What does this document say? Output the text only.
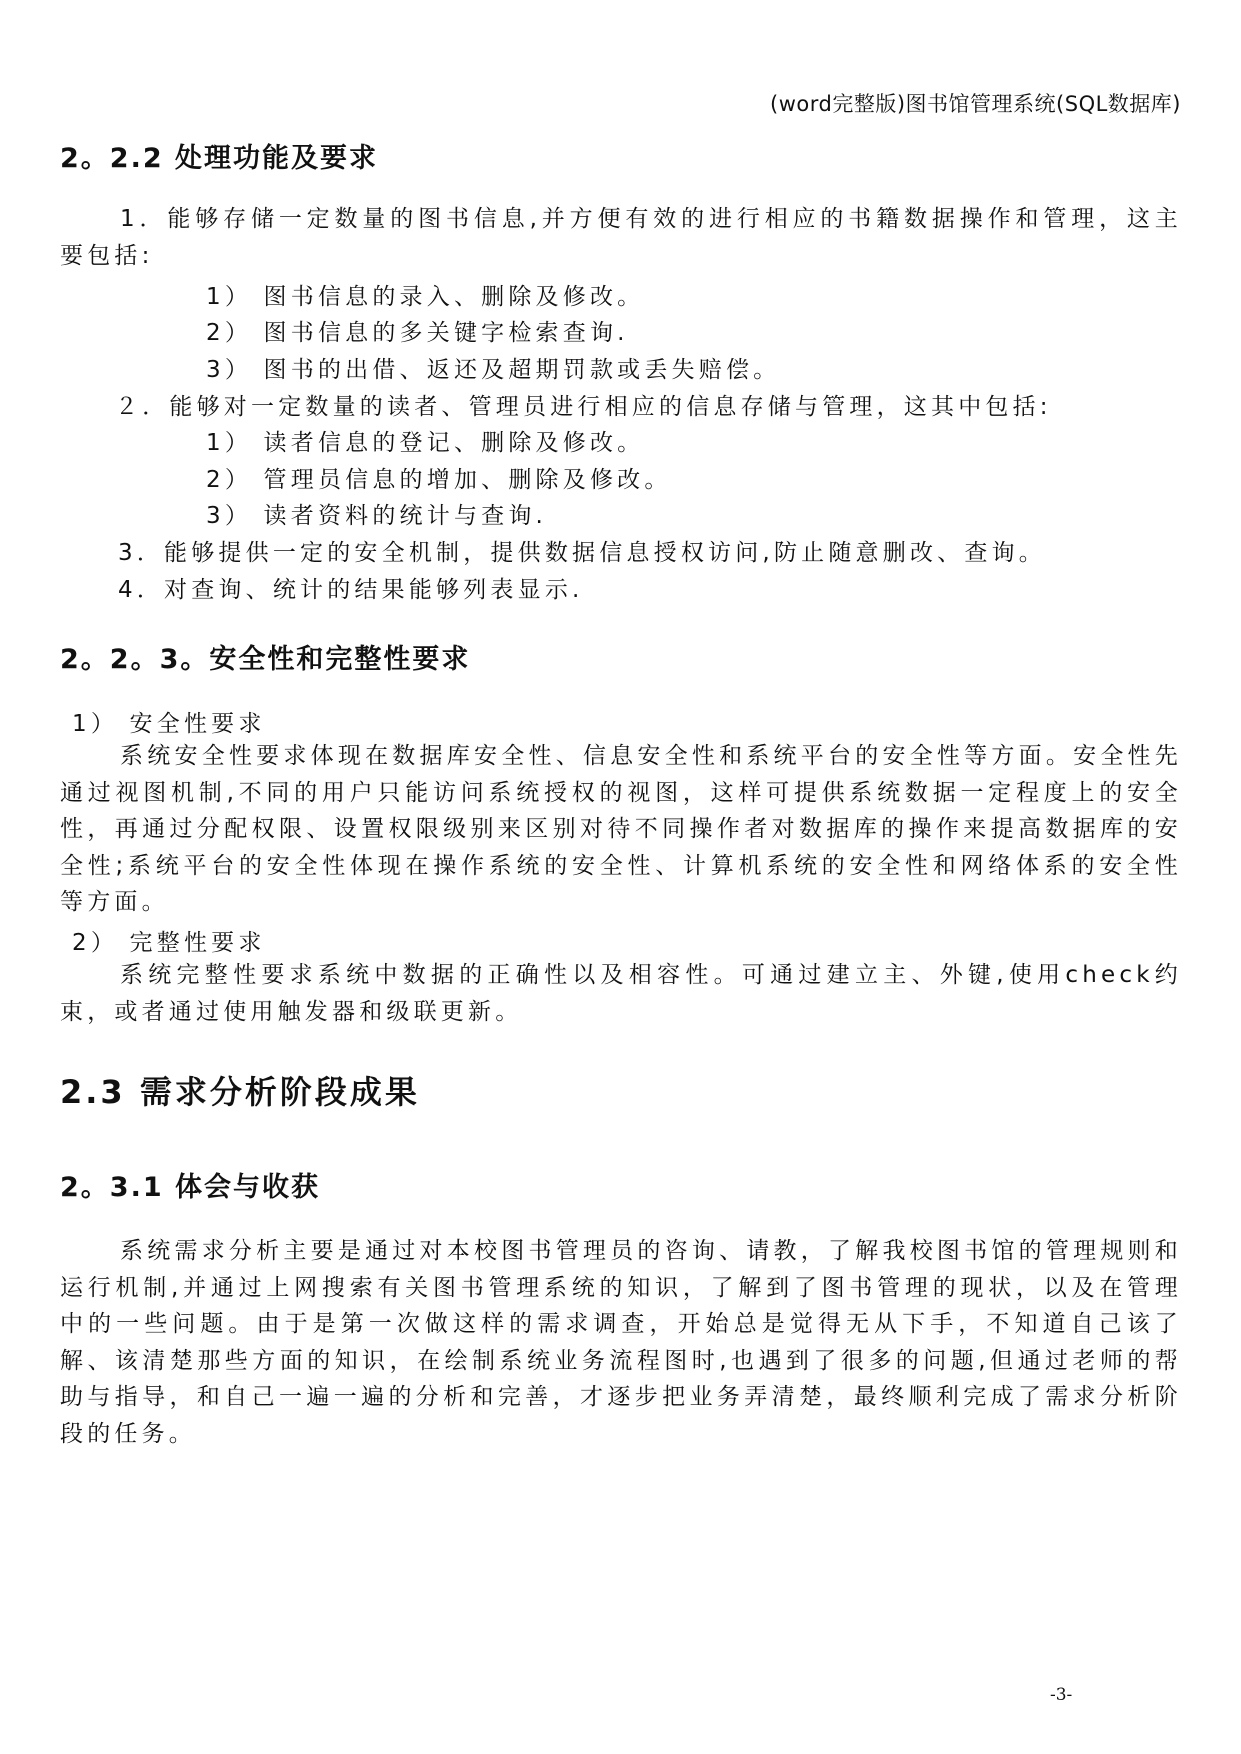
(word完整版)图书馆管理系统(SQL数据库)
2。2.2 处理功能及要求

1．能够存储一定数量的图书信息,并方便有效的进行相应的书籍数据操作和管理，这主要包括:

1） 图书信息的录入、删除及修改。
2） 图书信息的多关键字检索查询.
3） 图书的出借、返还及超期罚款或丢失赔偿。
２．能够对一定数量的读者、管理员进行相应的信息存储与管理，这其中包括:
1） 读者信息的登记、删除及修改。
2） 管理员信息的增加、删除及修改。
3） 读者资料的统计与查询.
3．能够提供一定的安全机制，提供数据信息授权访问,防止随意删改、查询。
4．对查询、统计的结果能够列表显示.
2。2。3。安全性和完整性要求
1） 安全性要求

系统安全性要求体现在数据库安全性、信息安全性和系统平台的安全性等方面。安全性先通过视图机制,不同的用户只能访问系统授权的视图，这样可提供系统数据一定程度上的安全性，再通过分配权限、设置权限级别来区别对待不同操作者对数据库的操作来提高数据库的安全性;系统平台的安全性体现在操作系统的安全性、计算机系统的安全性和网络体系的安全性等方面。

2） 完整性要求

系统完整性要求系统中数据的正确性以及相容性。可通过建立主、外键,使用check约束，或者通过使用触发器和级联更新。

2.3 需求分析阶段成果
2。3.1 体会与收获

系统需求分析主要是通过对本校图书管理员的咨询、请教，了解我校图书馆的管理规则和运行机制,并通过上网搜索有关图书管理系统的知识，了解到了图书管理的现状，以及在管理中的一些问题。由于是第一次做这样的需求调查，开始总是觉得无从下手，不知道自己该了解、该清楚那些方面的知识，在绘制系统业务流程图时,也遇到了很多的问题,但通过老师的帮助与指导，和自己一遍一遍的分析和完善，才逐步把业务弄清楚，最终顺利完成了需求分析阶段的任务。

-3-
